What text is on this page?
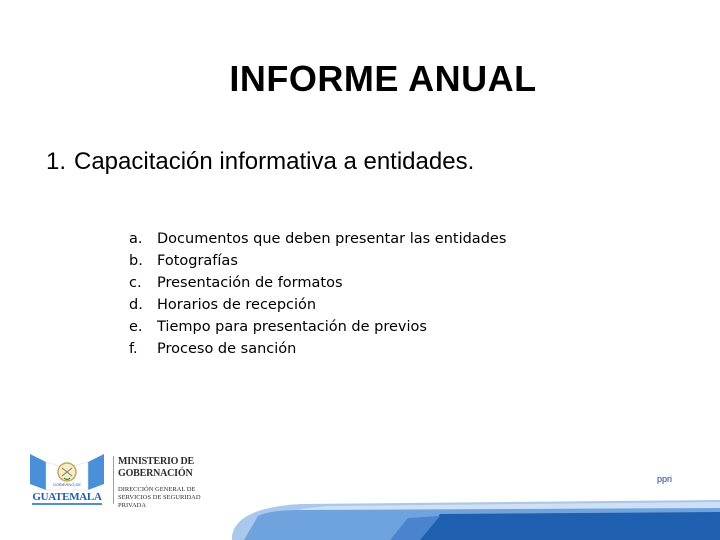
INFORME ANUAL
1. Capacitación informativa a entidades.
a.	Documentos que deben presentar las entidades
b. Fotografías
c.	Presentación de formatos
d. Horarios de recepción
e. Tiempo para presentación de previos
f.	Proceso de sanción
GOBIERNO DE
GUATEMALA
MINISTERIO DE GOBERNACIÓN
DIRECCIÓN GENERAL DE
SERVICIOS DE SEGURIDAD PRIVADA
ppri
